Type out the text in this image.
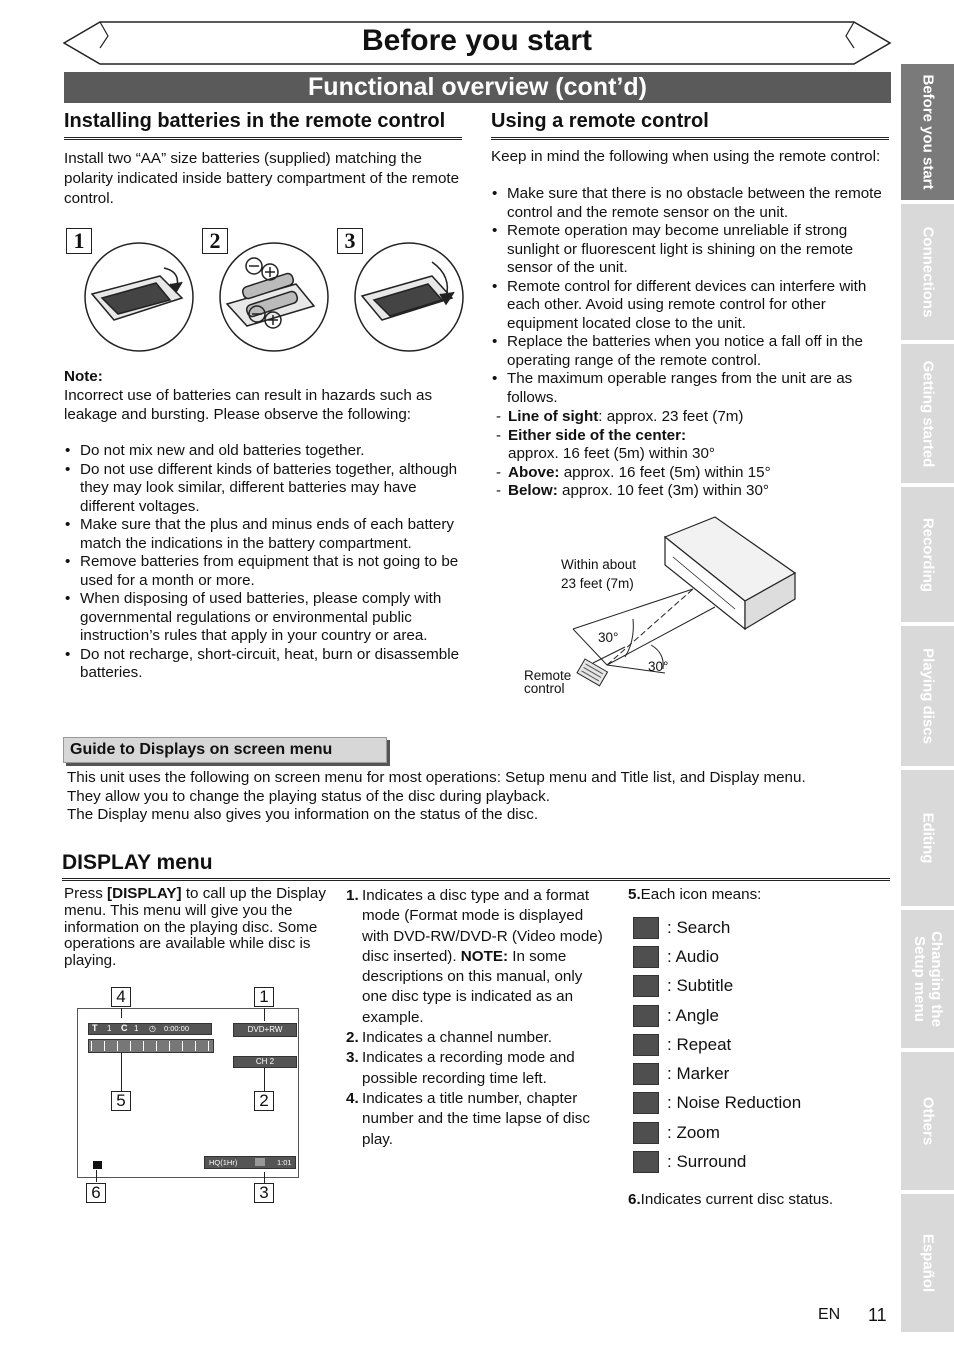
Before you start
Functional overview (cont’d)
Installing batteries in the remote control
Install two “AA” size batteries (supplied) matching the polarity indicated inside battery compartment of the remote control.
1	2	3
Note:
Incorrect use of batteries can result in hazards such as leakage and bursting. Please observe the following:
• Do not mix new and old batteries together.
• Do not use different kinds of batteries together, although they may look similar, different batteries may have different voltages.
• Make sure that the plus and minus ends of each battery match the indications in the battery compartment.
• Remove batteries from equipment that is not going to be used for a month or more.
• When disposing of used batteries, please comply with governmental regulations or environmental public instruction’s rules that apply in your country or area.
• Do not recharge, short-circuit, heat, burn or disassemble batteries.
Using a remote control
Keep in mind the following when using the remote control:
• Make sure that there is no obstacle between the remote control and the remote sensor on the unit.
• Remote operation may become unreliable if strong sunlight or fluorescent light is shining on the remote sensor of the unit.
• Remote control for different devices can interfere with each other. Avoid using remote control for other equipment located close to the unit.
• Replace the batteries when you notice a fall off in the operating range of the remote control.
• The maximum operable ranges from the unit are as follows.
- Line of sight: approx. 23 feet (7m)
- Either side of the center:
approx. 16 feet (5m) within 30°
- Above: approx. 16 feet (5m) within 15°
- Below: approx. 10 feet (3m) within 30°
Within about
23 feet (7m)
30°
30°
Remote
control
Guide to Displays on screen menu
This unit uses the following on screen menu for most operations: Setup menu and Title list, and Display menu.
They allow you to change the playing status of the disc during playback.
The Display menu also gives you information on the status of the disc.
DISPLAY menu
Press [DISPLAY] to call up the Display menu. This menu will give you the information on the playing disc. Some operations are available while disc is playing.
T 1 C 1 ◷ 0:00:00	DVD+RW
CH 2
HQ(1Hr)	1:01
1
2
3
4
5
6
1. Indicates a disc type and a format mode (Format mode is displayed with DVD-RW/DVD-R (Video mode) disc inserted). NOTE: In some descriptions on this manual, only one disc type is indicated as an example.
2. Indicates a channel number.
3. Indicates a recording mode and possible recording time left.
4. Indicates a title number, chapter number and the time lapse of disc play.
5.Each icon means:
: Search
: Audio
: Subtitle
: Angle
: Repeat
: Marker
: Noise Reduction
: Zoom
: Surround
6.Indicates current disc status.
Before you start
Connections
Getting started
Recording
Playing discs
Editing
Changing the
Setup menu
Others
Español
EN 11
